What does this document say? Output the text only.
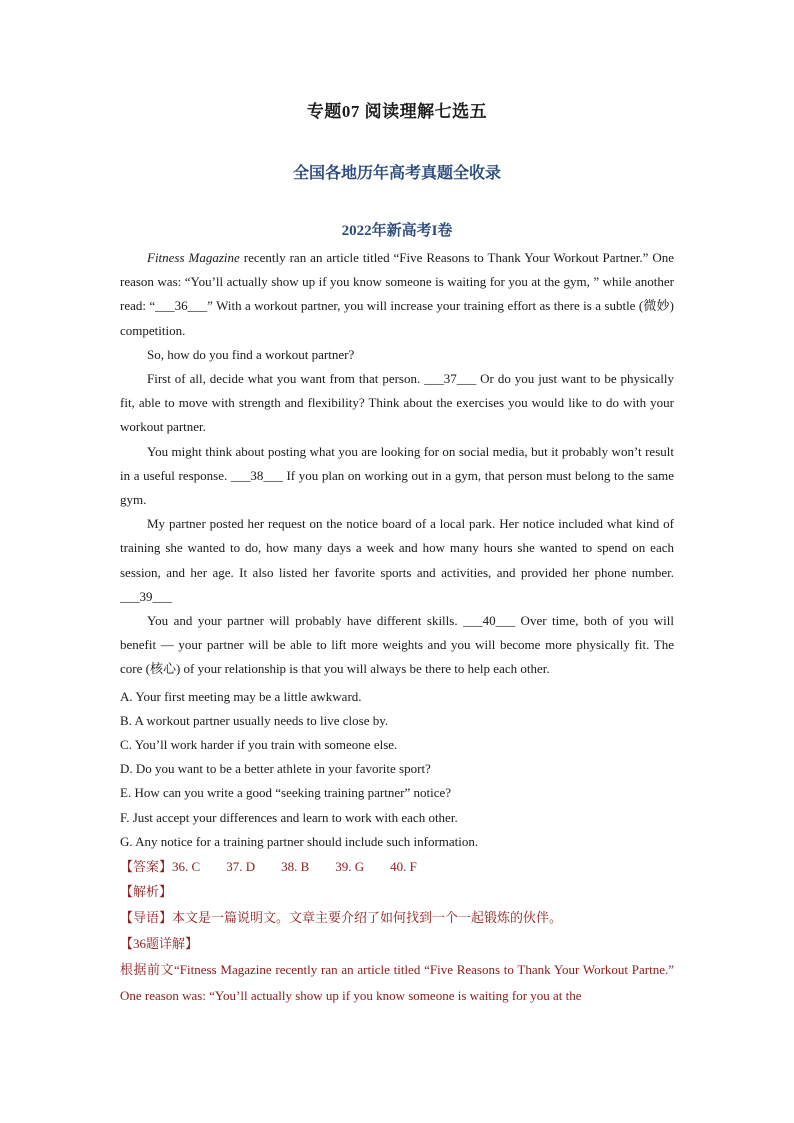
专题07 阅读理解七选五
全国各地历年高考真题全收录
2022年新高考I卷

Fitness Magazine recently ran an article titled “Five Reasons to Thank Your Workout Partner.” One reason was: “You’ll actually show up if you know someone is waiting for you at the gym, ” while another read: “___36___” With a workout partner, you will increase your training effort as there is a subtle (微妙) competition.

So, how do you find a workout partner?

First of all, decide what you want from that person. ___37___ Or do you just want to be physically fit, able to move with strength and flexibility? Think about the exercises you would like to do with your workout partner.

You might think about posting what you are looking for on social media, but it probably won’t result in a useful response. ___38___ If you plan on working out in a gym, that person must belong to the same gym.

My partner posted her request on the notice board of a local park. Her notice included what kind of training she wanted to do, how many days a week and how many hours she wanted to spend on each session, and her age. It also listed her favorite sports and activities, and provided her phone number. ___39___

You and your partner will probably have different skills. ___40___ Over time, both of you will benefit — your partner will be able to lift more weights and you will become more physically fit. The core (核心) of your relationship is that you will always be there to help each other.

A. Your first meeting may be a little awkward.
B. A workout partner usually needs to live close by.
C. You’ll work harder if you train with someone else.
D. Do you want to be a better athlete in your favorite sport?
E. How can you write a good “seeking training partner” notice?
F. Just accept your differences and learn to work with each other.
G. Any notice for a training partner should include such information.
【答案】36. C 37. D 38. B 39. G 40. F
【解析】
【导语】本文是一篇说明文。文章主要介绍了如何找到一个一起锻炼的伙伴。
【36题详解】

根据前文“Fitness Magazine recently ran an article titled “Five Reasons to Thank Your Workout Partne.” One reason was: “You’ll actually show up if you know someone is waiting for you at the
